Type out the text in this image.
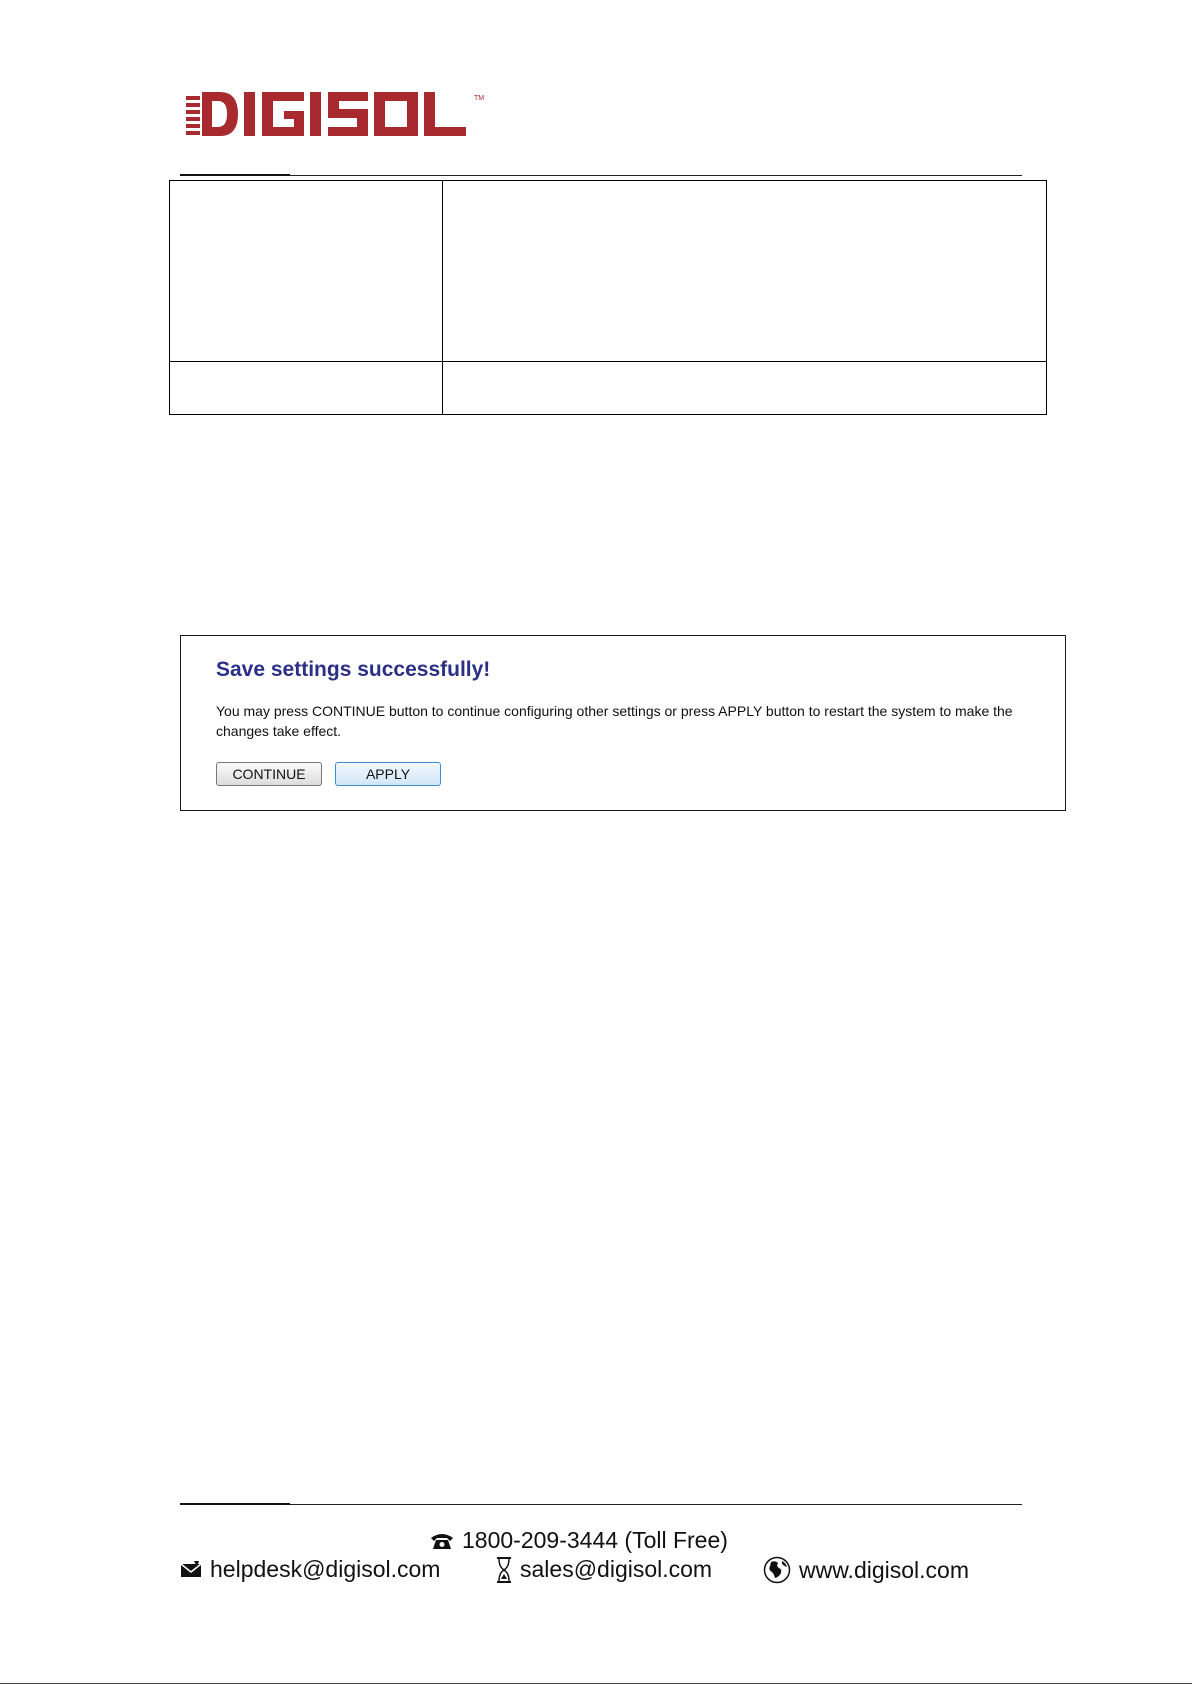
TM

Save settings successfully!
You may press CONTINUE button to continue configuring other settings or press APPLY button to restart the system to make the changes take effect.
CONTINUE	APPLY
1800-209-3444 (Toll Free)
helpdesk@digisol.com	sales@digisol.com	www.digisol.com
